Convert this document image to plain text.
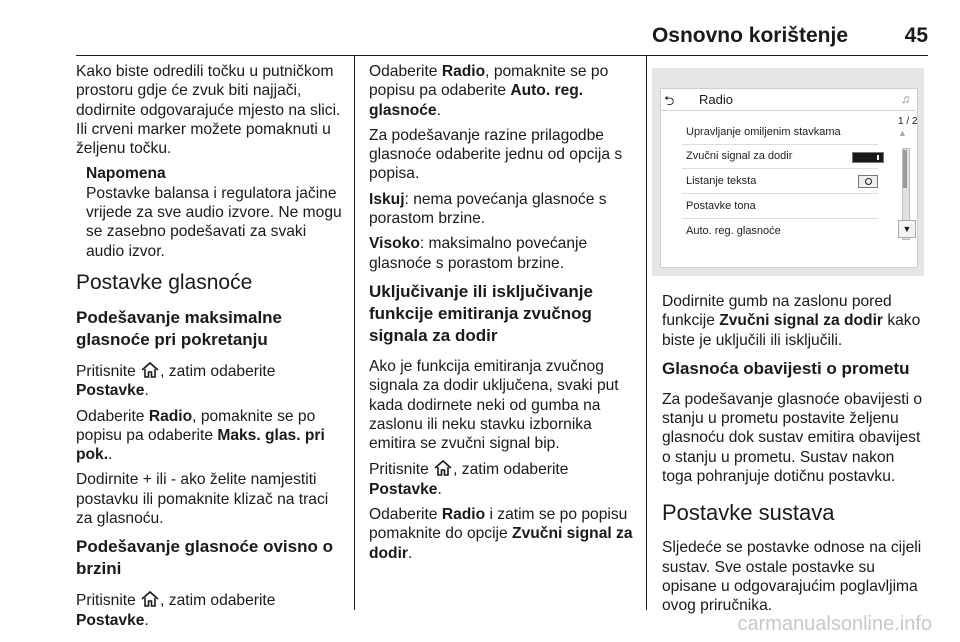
Osnovno korištenje	45

Kako biste odredili točku u putničkom prostoru gdje će zvuk biti najjači, dodirnite odgovarajuće mjesto na slici. Ili crveni marker možete pomaknuti u željenu točku.

Napomena
Postavke balansa i regulatora jačine vrijede za sve audio izvore. Ne mogu se zasebno podešavati za svaki audio izvor.
Postavke glasnoće
Podešavanje maksimalne glasnoće pri pokretanju

Pritisnite , zatim odaberite
Postavke.

Odaberite Radio, pomaknite se po popisu pa odaberite Maks. glas. pri pok..

Dodirnite + ili - ako želite namjestiti postavku ili pomaknite klizač na traci za glasnoću.

Podešavanje glasnoće ovisno o brzini

Pritisnite , zatim odaberite
Postavke.

Odaberite Radio, pomaknite se po popisu pa odaberite Auto. reg. glasnoće.

Za podešavanje razine prilagodbe glasnoće odaberite jednu od opcija s popisa.

Iskuj: nema povećanja glasnoće s porastom brzine.

Visoko: maksimalno povećanje glasnoće s porastom brzine.

Uključivanje ili isključivanje funkcije emitiranja zvučnog signala za dodir

Ako je funkcija emitiranja zvučnog signala za dodir uključena, svaki put kada dodirnete neki od gumba na zaslonu ili neku stavku izbornika emitira se zvučni signal bip.

Pritisnite , zatim odaberite
Postavke.

Odaberite Radio i zatim se po popisu pomaknite do opcije Zvučni signal za dodir.

⮌ Radio	♫
1 / 2
▲
Upravljanje omiljenim stavkama
Zvučni signal za dodir
Listanje teksta
Postavke tona
Auto. reg. glasnoće	▼

Dodirnite gumb na zaslonu pored funkcije Zvučni signal za dodir kako biste je uključili ili isključili.

Glasnoća obavijesti o prometu

Za podešavanje glasnoće obavijesti o stanju u prometu postavite željenu glasnoću dok sustav emitira obavijest o stanju u prometu. Sustav nakon toga pohranjuje dotičnu postavku.

Postavke sustava

Sljedeće se postavke odnose na cijeli sustav. Sve ostale postavke su opisane u odgovarajućim poglavljima ovog priručnika.

carmanualsonline.info
